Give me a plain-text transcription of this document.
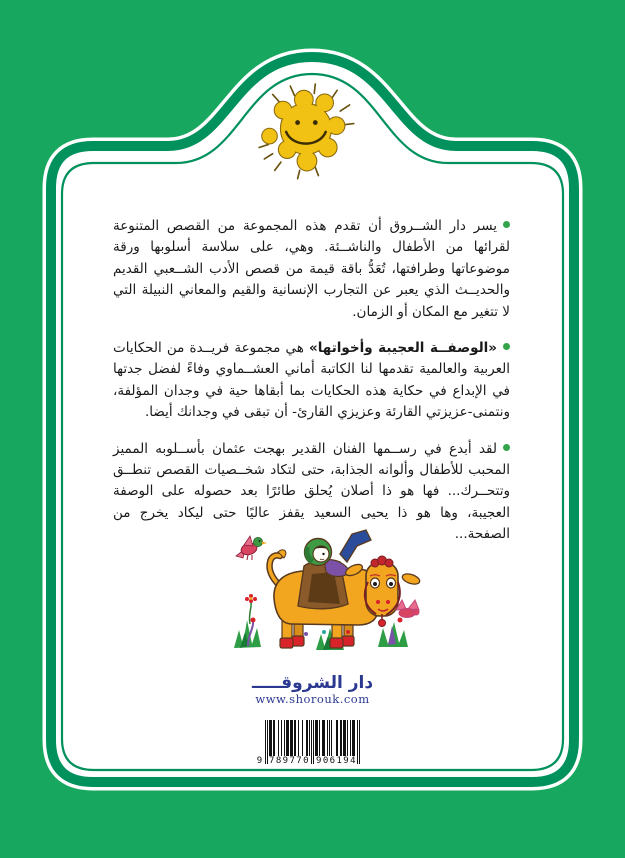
يسر دار الشــروق أن تقدم هذه المجموعة من القصص المتنوعة لقرائها من الأطفال والناشــئة. وهي، على سلاسة أسلوبها ورقة موضوعاتها وطرافتها، تُعَدُّ باقة قيمة من قصص الأدب الشــعبي القديم والحديــث الذي يعبر عن التجارب الإنسانية والقيم والمعاني النبيلة التي لا تتغير مع المكان أو الزمان.

«الوصفــة العجيبة وأخواتها» هي مجموعة فريــدة من الحكايات العربية والعالمية تقدمها لنا الكاتبة أماني العشــماوي وفاءً لفضل جدتها في الإبداع في حكاية هذه الحكايات بما أبقاها حية في وجدان المؤلفة، ونتمنى-عزيزتي القارئة وعزيزي القارئ- أن تبقى في وجدانك أيضا.

لقد أبدع في رســمها الفنان القدير بهجت عثمان بأســلوبه المميز المحبب للأطفال وألوانه الجذابة، حتى لتكاد شخــصيات القصص تنطــق وتتحــرك... فها هو ذا أصلان يُحلق طائرًا بعد حصوله على الوصفة العجيبة، وها هو ذا يحيى السعيد يقفز عاليًا حتى ليكاد يخرج من الصفحة...

دار الشروقـــــ
www.shorouk.com
9 789770 906194
